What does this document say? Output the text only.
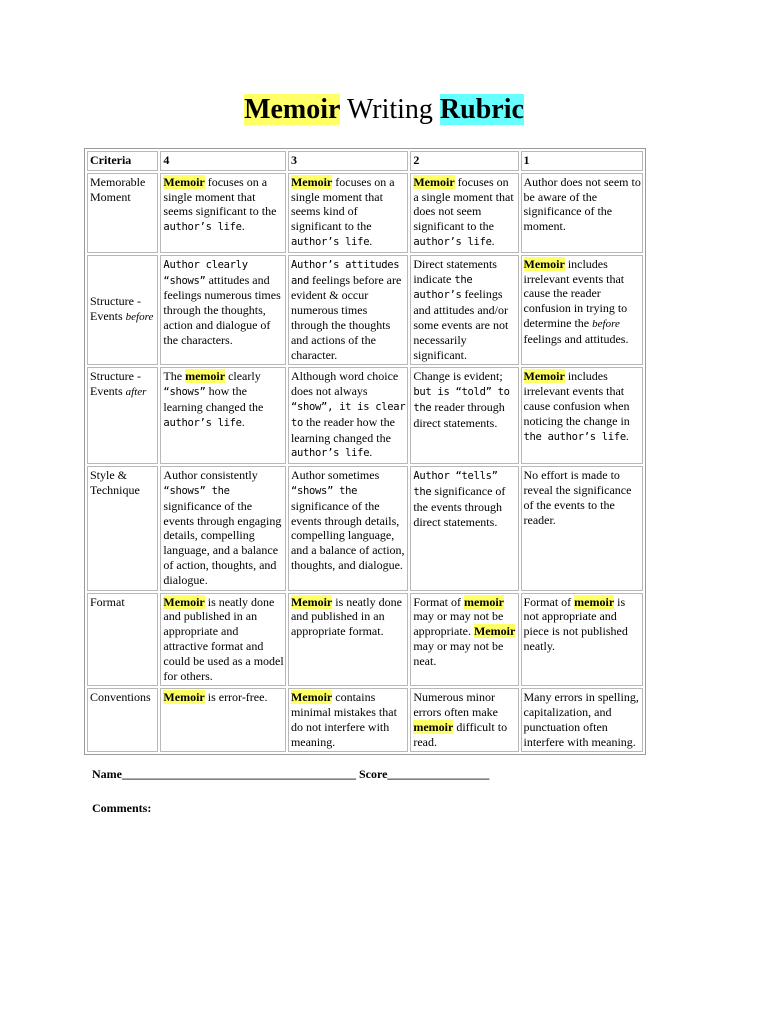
Memoir Writing Rubric
Criteria	4	3	2	1
Memorable Moment	Memoir focuses on a single moment that seems significant to the author’s life.	Memoir focuses on a single moment that seems kind of significant to the author’s life.	Memoir focuses on a single moment that does not seem significant to the author’s life.	Author does not seem to be aware of the significance of the moment.
Structure - Events before	Author clearly “shows” attitudes and feelings numerous times through the thoughts, action and dialogue of the characters.	Author’s attitudes and feelings before are evident & occur numerous times through the thoughts and actions of the character.	Direct statements indicate the author’s feelings and attitudes and/or some events are not necessarily significant.	Memoir includes irrelevant events that cause the reader confusion in trying to determine the before feelings and attitudes.
Structure - Events after	The memoir clearly “shows” how the learning changed the author’s life.	Although word choice does not always “show”, it is clear to the reader how the learning changed the author’s life.	Change is evident; but is “told” to the reader through direct statements.	Memoir includes irrelevant events that cause confusion when noticing the change in the author’s life.
Style & Technique	Author consistently “shows” the significance of the events through engaging details, compelling language, and a balance of action, thoughts, and dialogue.	Author sometimes “shows” the significance of the events through details, compelling language, and a balance of action, thoughts, and dialogue.	Author “tells” the significance of the events through direct statements.	No effort is made to reveal the significance of the events to the reader.
Format	Memoir is neatly done and published in an appropriate and attractive format and could be used as a model for others.	Memoir is neatly done and published in an appropriate format.	Format of memoir may or may not be appropriate. Memoir may or may not be neat.	Format of memoir is not appropriate and piece is not published neatly.
Conventions	Memoir is error-free.	Memoir contains minimal mistakes that do not interfere with meaning.	Numerous minor errors often make memoir difficult to read.	Many errors in spelling, capitalization, and punctuation often interfere with meaning.
Name_______________________________________ Score_________________
Comments:
